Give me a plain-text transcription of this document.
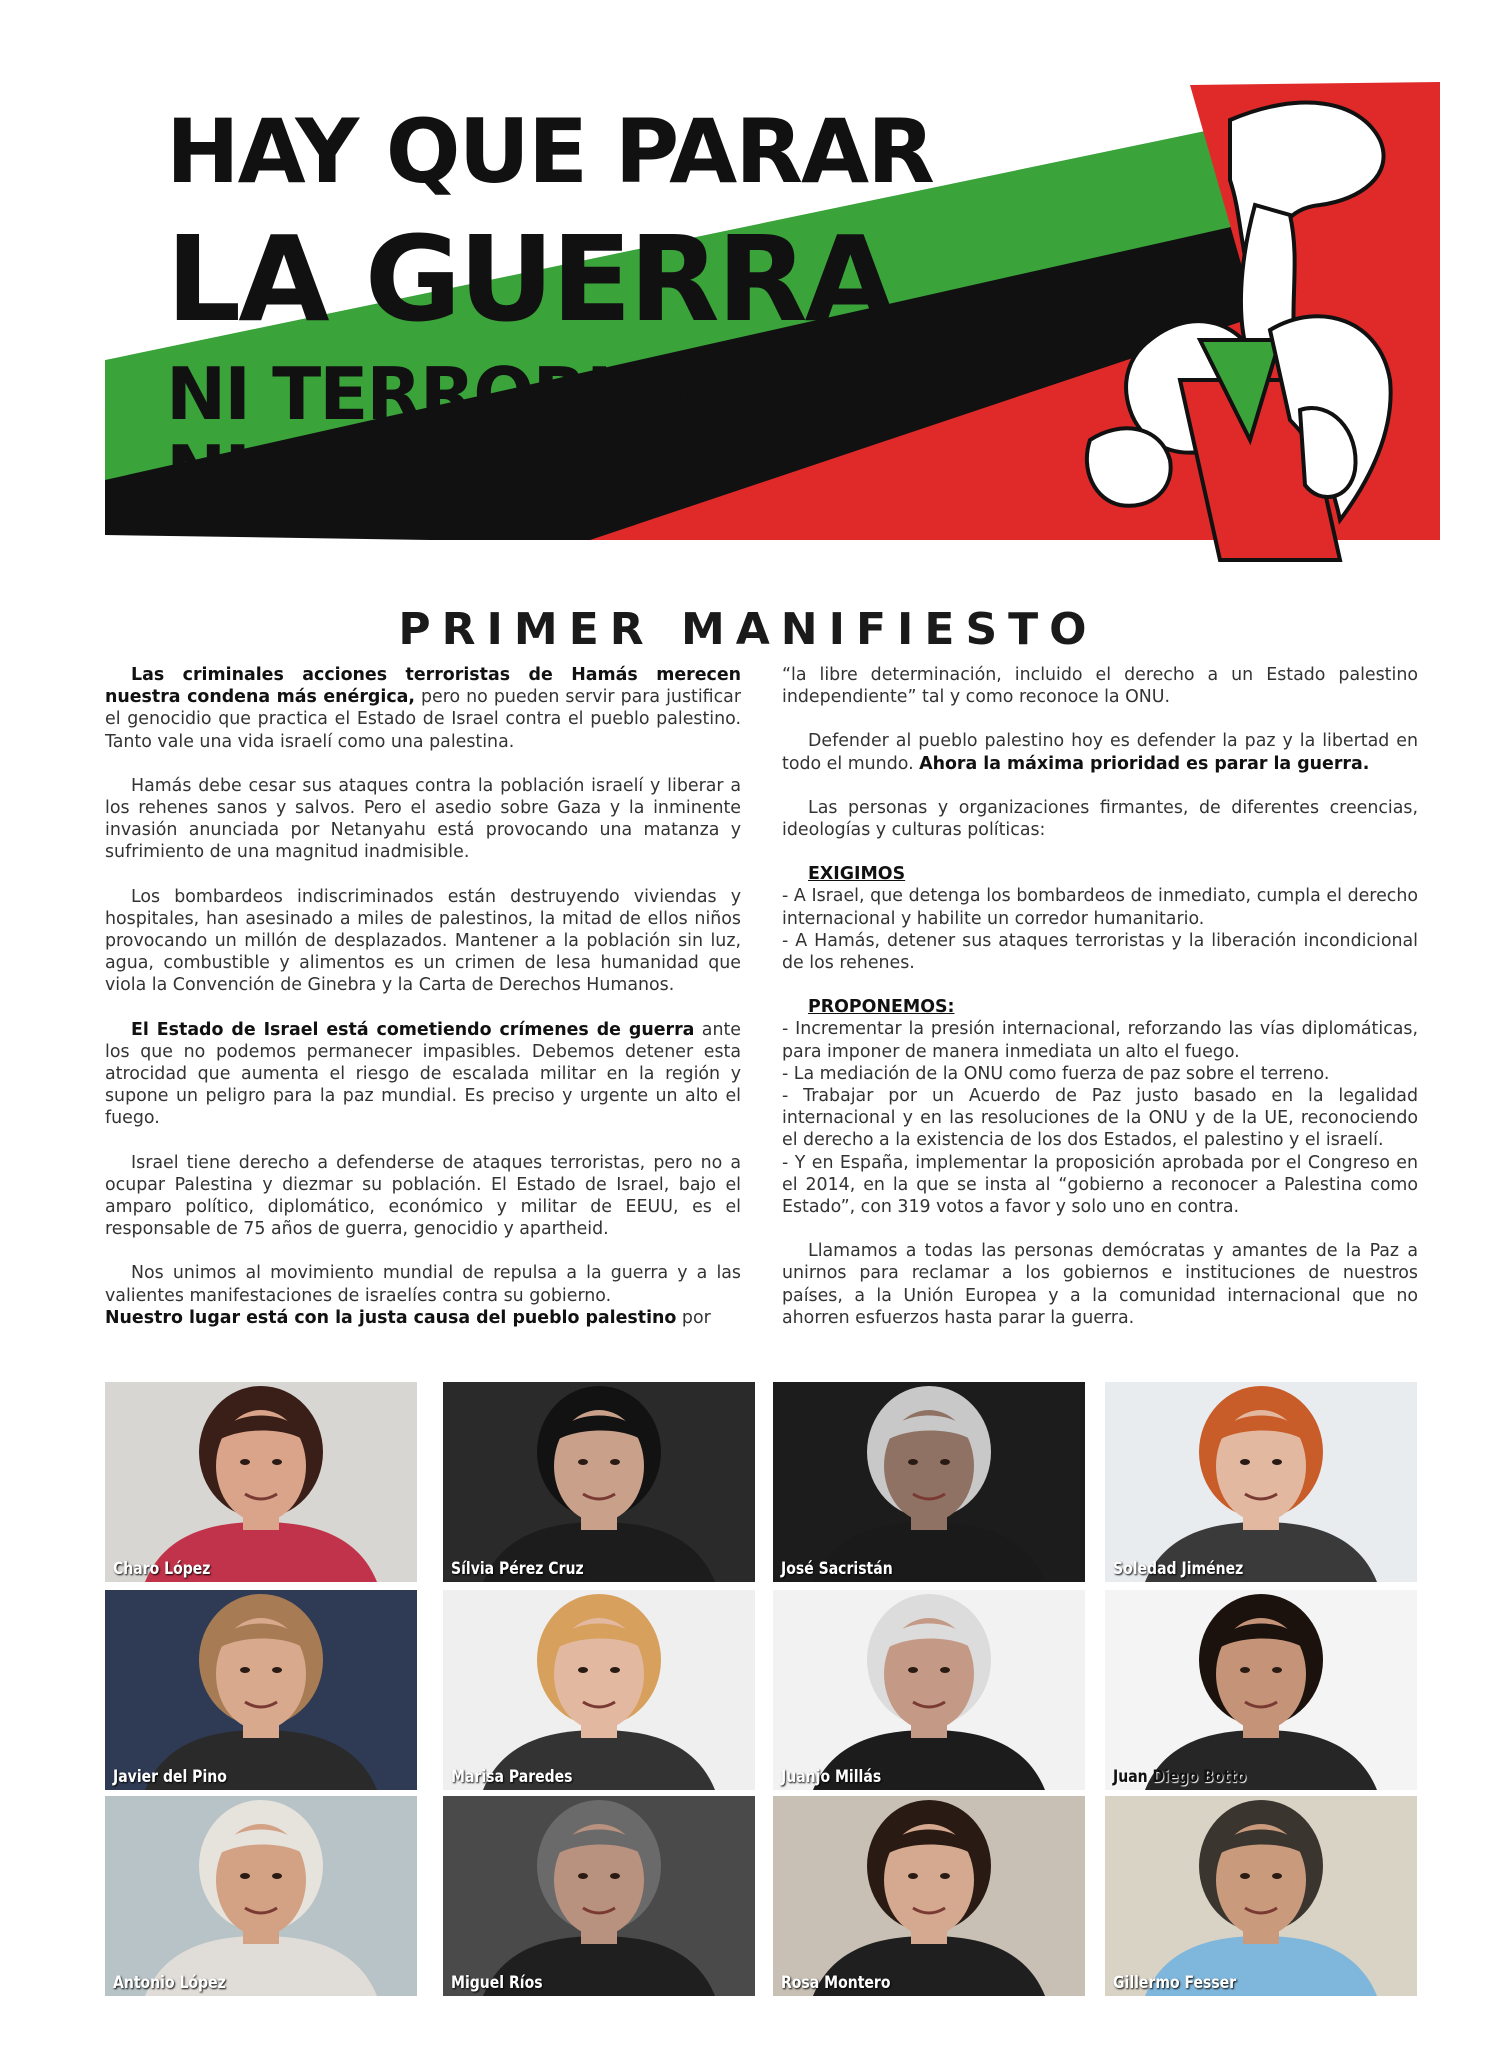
HAY QUE PARAR
LA GUERRA
NI TERRORISMO
NI GENOCIDIO
PRIMER MANIFIESTO

Las criminales acciones terroristas de Hamás merecen nuestra condena más enérgica, pero no pueden servir para justificar el genocidio que practica el Estado de Israel contra el pueblo palestino. Tanto vale una vida israelí como una palestina.

Hamás debe cesar sus ataques contra la población israelí y liberar a los rehenes sanos y salvos. Pero el asedio sobre Gaza y la inminente invasión anunciada por Netanyahu está provocando una matanza y sufrimiento de una magnitud inadmisible.

Los bombardeos indiscriminados están destruyendo viviendas y hospitales, han asesinado a miles de palestinos, la mitad de ellos niños provocando un millón de desplazados. Mantener a la población sin luz, agua, combustible y alimentos es un crimen de lesa humanidad que viola la Convención de Ginebra y la Carta de Derechos Humanos.

El Estado de Israel está cometiendo crímenes de guerra ante los que no podemos permanecer impasibles. Debemos detener esta atrocidad que aumenta el riesgo de escalada militar en la región y supone un peligro para la paz mundial. Es preciso y urgente un alto el fuego.

Israel tiene derecho a defenderse de ataques terroristas, pero no a ocupar Palestina y diezmar su población. El Estado de Israel, bajo el amparo político, diplomático, económico y militar de EEUU, es el responsable de 75 años de guerra, genocidio y apartheid.

Nos unimos al movimiento mundial de repulsa a la guerra y a las valientes manifestaciones de israelíes contra su gobierno.

Nuestro lugar está con la justa causa del pueblo palestino por

“la libre determinación, incluido el derecho a un Estado palestino independiente” tal y como reconoce la ONU.

Defender al pueblo palestino hoy es defender la paz y la libertad en todo el mundo. Ahora la máxima prioridad es parar la guerra.

Las personas y organizaciones firmantes, de diferentes creencias, ideologías y culturas políticas:

EXIGIMOS

- A Israel, que detenga los bombardeos de inmediato, cumpla el derecho internacional y habilite un corredor humanitario.

- A Hamás, detener sus ataques terroristas y la liberación incondicional de los rehenes.

PROPONEMOS:

- Incrementar la presión internacional, reforzando las vías diplomáticas, para imponer de manera inmediata un alto el fuego.

- La mediación de la ONU como fuerza de paz sobre el terreno.

- Trabajar por un Acuerdo de Paz justo basado en la legalidad internacional y en las resoluciones de la ONU y de la UE, reconociendo el derecho a la existencia de los dos Estados, el palestino y el israelí.

- Y en España, implementar la proposición aprobada por el Congreso en el 2014, en la que se insta al “gobierno a reconocer a Palestina como Estado”, con 319 votos a favor y solo uno en contra.

Llamamos a todas las personas demócratas y amantes de la Paz a unirnos para reclamar a los gobiernos e instituciones de nuestros países, a la Unión Europea y a la comunidad internacional que no ahorren esfuerzos hasta parar la guerra.

Charo López	Sílvia Pérez Cruz	José Sacristán	Soledad Jiménez
Javier del Pino	Marisa Paredes	Juanjo Millás	Juan Diego Botto
Antonio López	Miguel Ríos	Rosa Montero	Gillermo Fesser
